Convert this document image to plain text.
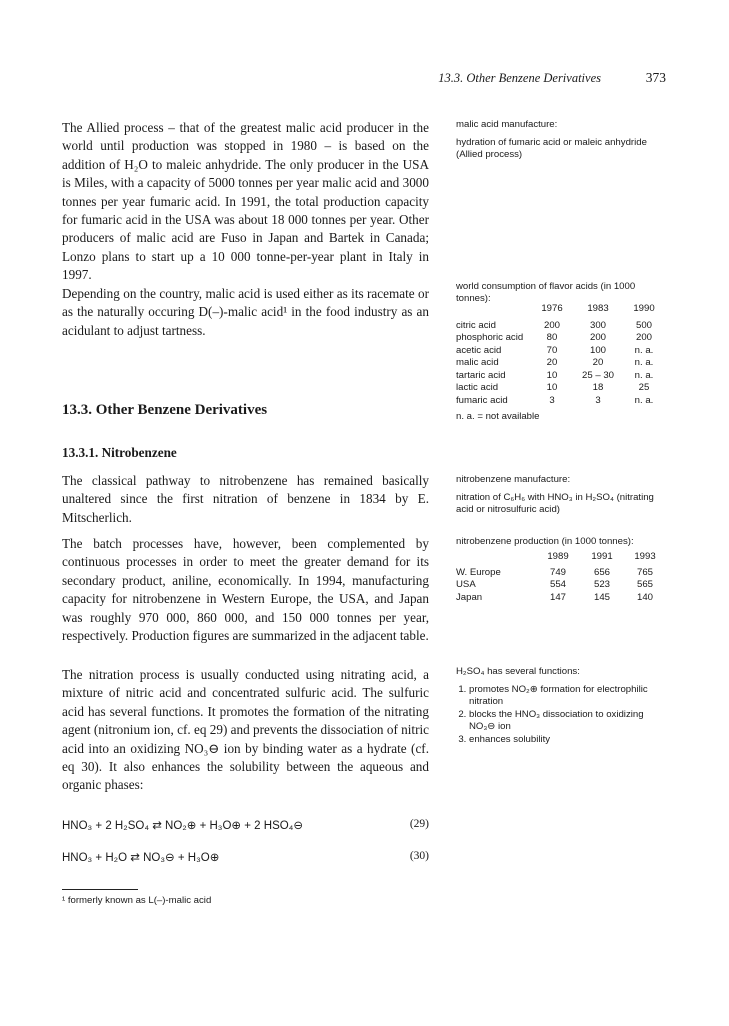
13.3. Other Benzene Derivatives	373

The Allied process – that of the greatest malic acid producer in the world until production was stopped in 1980 – is based on the addition of H₂O to maleic anhydride. The only producer in the USA is Miles, with a capacity of 5000 tonnes per year malic acid and 3000 tonnes per year fumaric acid. In 1991, the total production capacity for fumaric acid in the USA was about 18 000 tonnes per year. Other producers of malic acid are Fuso in Japan and Bartek in Canada; Lonzo plans to start up a 10 000 tonne-per-year plant in Italy in 1997.

Depending on the country, malic acid is used either as its racemate or as the naturally occuring D(–)-malic acid¹ in the food industry as an acidulant to adjust tartness.

13.3. Other Benzene Derivatives
13.3.1. Nitrobenzene

The classical pathway to nitrobenzene has remained basically unaltered since the first nitration of benzene in 1834 by E. Mitscherlich.

The batch processes have, however, been complemented by continuous processes in order to meet the greater demand for its secondary product, aniline, economically. In 1994, manufacturing capacity for nitrobenzene in Western Europe, the USA, and Japan was roughly 970 000, 860 000, and 150 000 tonnes per year, respectively. Production figures are summarized in the adjacent table.

The nitration process is usually conducted using nitrating acid, a mixture of nitric acid and concentrated sulfuric acid. The sulfuric acid has several functions. It promotes the formation of the nitrating agent (nitronium ion, cf. eq 29) and prevents the dissociation of nitric acid into an oxidizing NO₃⊖ ion by binding water as a hydrate (cf. eq 30). It also enhances the solubility between the aqueous and organic phases:

HNO₃ + 2 H₂SO₄ ⇄ NO₂⊕ + H₃O⊕ + 2 HSO₄⊖	(29)
HNO₃ + H₂O ⇄ NO₃⊖ + H₃O⊕	(30)
¹ formerly known as L(–)-malic acid

malic acid manufacture:

hydration of fumaric acid or maleic anhydride (Allied process)

world consumption of flavor acids (in 1000 tonnes):

	1976	1983	1990

citric acid	200	300	500
phosphoric acid	80	200	200
acetic acid	70	100	n. a.
malic acid	20	20	n. a.
tartaric acid	10	25 – 30	n. a.
lactic acid	10	18	25
fumaric acid	3	3	n. a.

n. a. = not available

nitrobenzene manufacture:

nitration of C₆H₆ with HNO₃ in H₂SO₄ (nitrating acid or nitrosulfuric acid)

nitrobenzene production (in 1000 tonnes):

	1989	1991	1993

W. Europe	749	656	765
USA	554	523	565
Japan	147	145	140

H₂SO₄ has several functions:

1. promotes NO₂⊕ formation for electrophilic nitration
2. blocks the HNO₃ dissociation to oxidizing NO₃⊖ ion
3. enhances solubility
